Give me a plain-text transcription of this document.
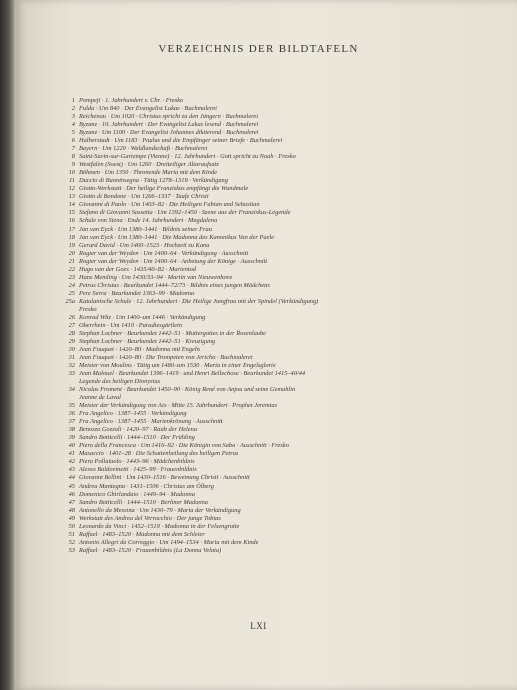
VERZEICHNIS DER BILDTAFELN
1 Pompeji · 1. Jahrhundert v. Chr. · Fresko
2 Fulda · Um 840 · Der Evangelist Lukas · Buchmalerei
3 Reichenau · Um 1020 · Christus spricht zu den Jüngern · Buchmalerei
4 Byzanz · 10. Jahrhundert · Der Evangelist Lukas lesend · Buchmalerei
5 Byzanz · Um 1100 · Der Evangelist Johannes diktierend · Buchmalerei
6 Halberstadt · Um 1183 · Paulus und die Empfänger seiner Briefe · Buchmalerei
7 Bayern · Um 1220 · Waldlandschaft · Buchmalerei
8 Saint-Savin-sur-Gartempe (Vienne) · 12. Jahrhundert · Gott spricht zu Noah · Fresko
9 Westfalen (Soest) · Um 1260 · Dreiteiliger Altaraufsatz
10 Böhmen · Um 1350 · Thronende Maria mit dem Kinde
11 Duccio di Buoninsegna · Tätig 1278–1319 · Verkündigung
12 Giotto-Werkstatt · Der heilige Franziskus empfängt die Wundmale
13 Giotto di Bondone · Um 1266–1337 · Taufe Christi
14 Giovanni di Paolo · Um 1403–82 · Die Heiligen Fabian und Sebastian
15 Stefano di Giovanni Sassetta · Um 1392–1450 · Szene aus der Franziskus-Legende
16 Schule von Siena · Ende 14. Jahrhundert · Magdalena
17 Jan van Eyck · Um 1380–1441 · Bildnis seiner Frau
18 Jan van Eyck · Um 1380–1441 · Die Madonna des Kanonikus Van der Paele
19 Gerard David · Um 1460–1523 · Hochzeit zu Kana
20 Rogier van der Weyden · Um 1400–64 · Verkündigung · Ausschnitt
21 Rogier van der Weyden · Um 1400–64 · Anbetung der Könige · Ausschnitt
22 Hugo van der Goes · 1435/40–82 · Marientod
23 Hans Memling · Um 1430/33–94 · Martin van Nieuwenhove
24 Petrus Christus · Beurkundet 1444–72/73 · Bildnis eines jungen Mädchens
25 Pere Serra · Beurkundet 1363–99 · Madonna
25a Katalanische Schule · 12. Jahrhundert · Die Heilige Jungfrau mit der Spindel (Verkündigung)
Fresko
26 Konrad Witz · Um 1400–um 1446 · Verkündigung
27 Oberrhein · Um 1410 · Paradiesgärtlein
28 Stephan Lochner · Beurkundet 1442–51 · Muttergottes in der Rosenlaube
29 Stephan Lochner · Beurkundet 1442–51 · Kreuzigung
30 Jean Fouquet · 1420–80 · Madonna mit Engeln
31 Jean Fouquet · 1420–80 · Die Trompeten von Jericho · Buchmalerei
32 Meister von Moulins · Tätig um 1480–um 1530 · Maria in einer Engelsglorie
33 Jean Malouel · Beurkundet 1396–1419 · und Henri Bellechose · Beurkundet 1415–40/44
Legende des heiligen Dionysius
34 Nicolas Froment · Beurkundet 1450–90 · König René von Anjou und seine Gemahlin
Jeanne de Laval
35 Meister der Verkündigung von Aix · Mitte 15. Jahrhundert · Prophet Jeremias
36 Fra Angelico · 1387–1455 · Verkündigung
37 Fra Angelico · 1387–1455 · Marienkrönung · Ausschnitt
38 Benozzo Gozzoli · 1420–97 · Raub der Helena
39 Sandro Botticelli · 1444–1510 · Der Frühling
40 Piero della Francesca · Um 1416–92 · Die Königin von Saba · Ausschnitt · Fresko
41 Masaccio · 1401–28 · Die Schattenheilung des heiligen Petrus
42 Piero Pollaiuolo · 1443–96 · Mädchenbildnis
43 Alesso Baldovinetti · 1425–99 · Frauenbildnis
44 Giovanni Bellini · Um 1430–1516 · Beweinung Christi · Ausschnitt
45 Andrea Mantegna · 1431–1506 · Christus am Ölberg
46 Domenico Ghirlandaio · 1449–94 · Madonna
47 Sandro Botticelli · 1444–1510 · Berliner Madonna
48 Antonello da Messina · Um 1430–79 · Maria der Verkündigung
49 Werkstatt des Andrea del Verrocchio · Der junge Tobias
50 Leonardo da Vinci · 1452–1519 · Madonna in der Felsengrotte
51 Raffael · 1483–1520 · Madonna mit dem Schleier
52 Antonio Allegri da Correggio · Um 1494–1534 · Maria mit dem Kinde
53 Raffael · 1483–1520 · Frauenbildnis (La Donna Velata)
LXI
